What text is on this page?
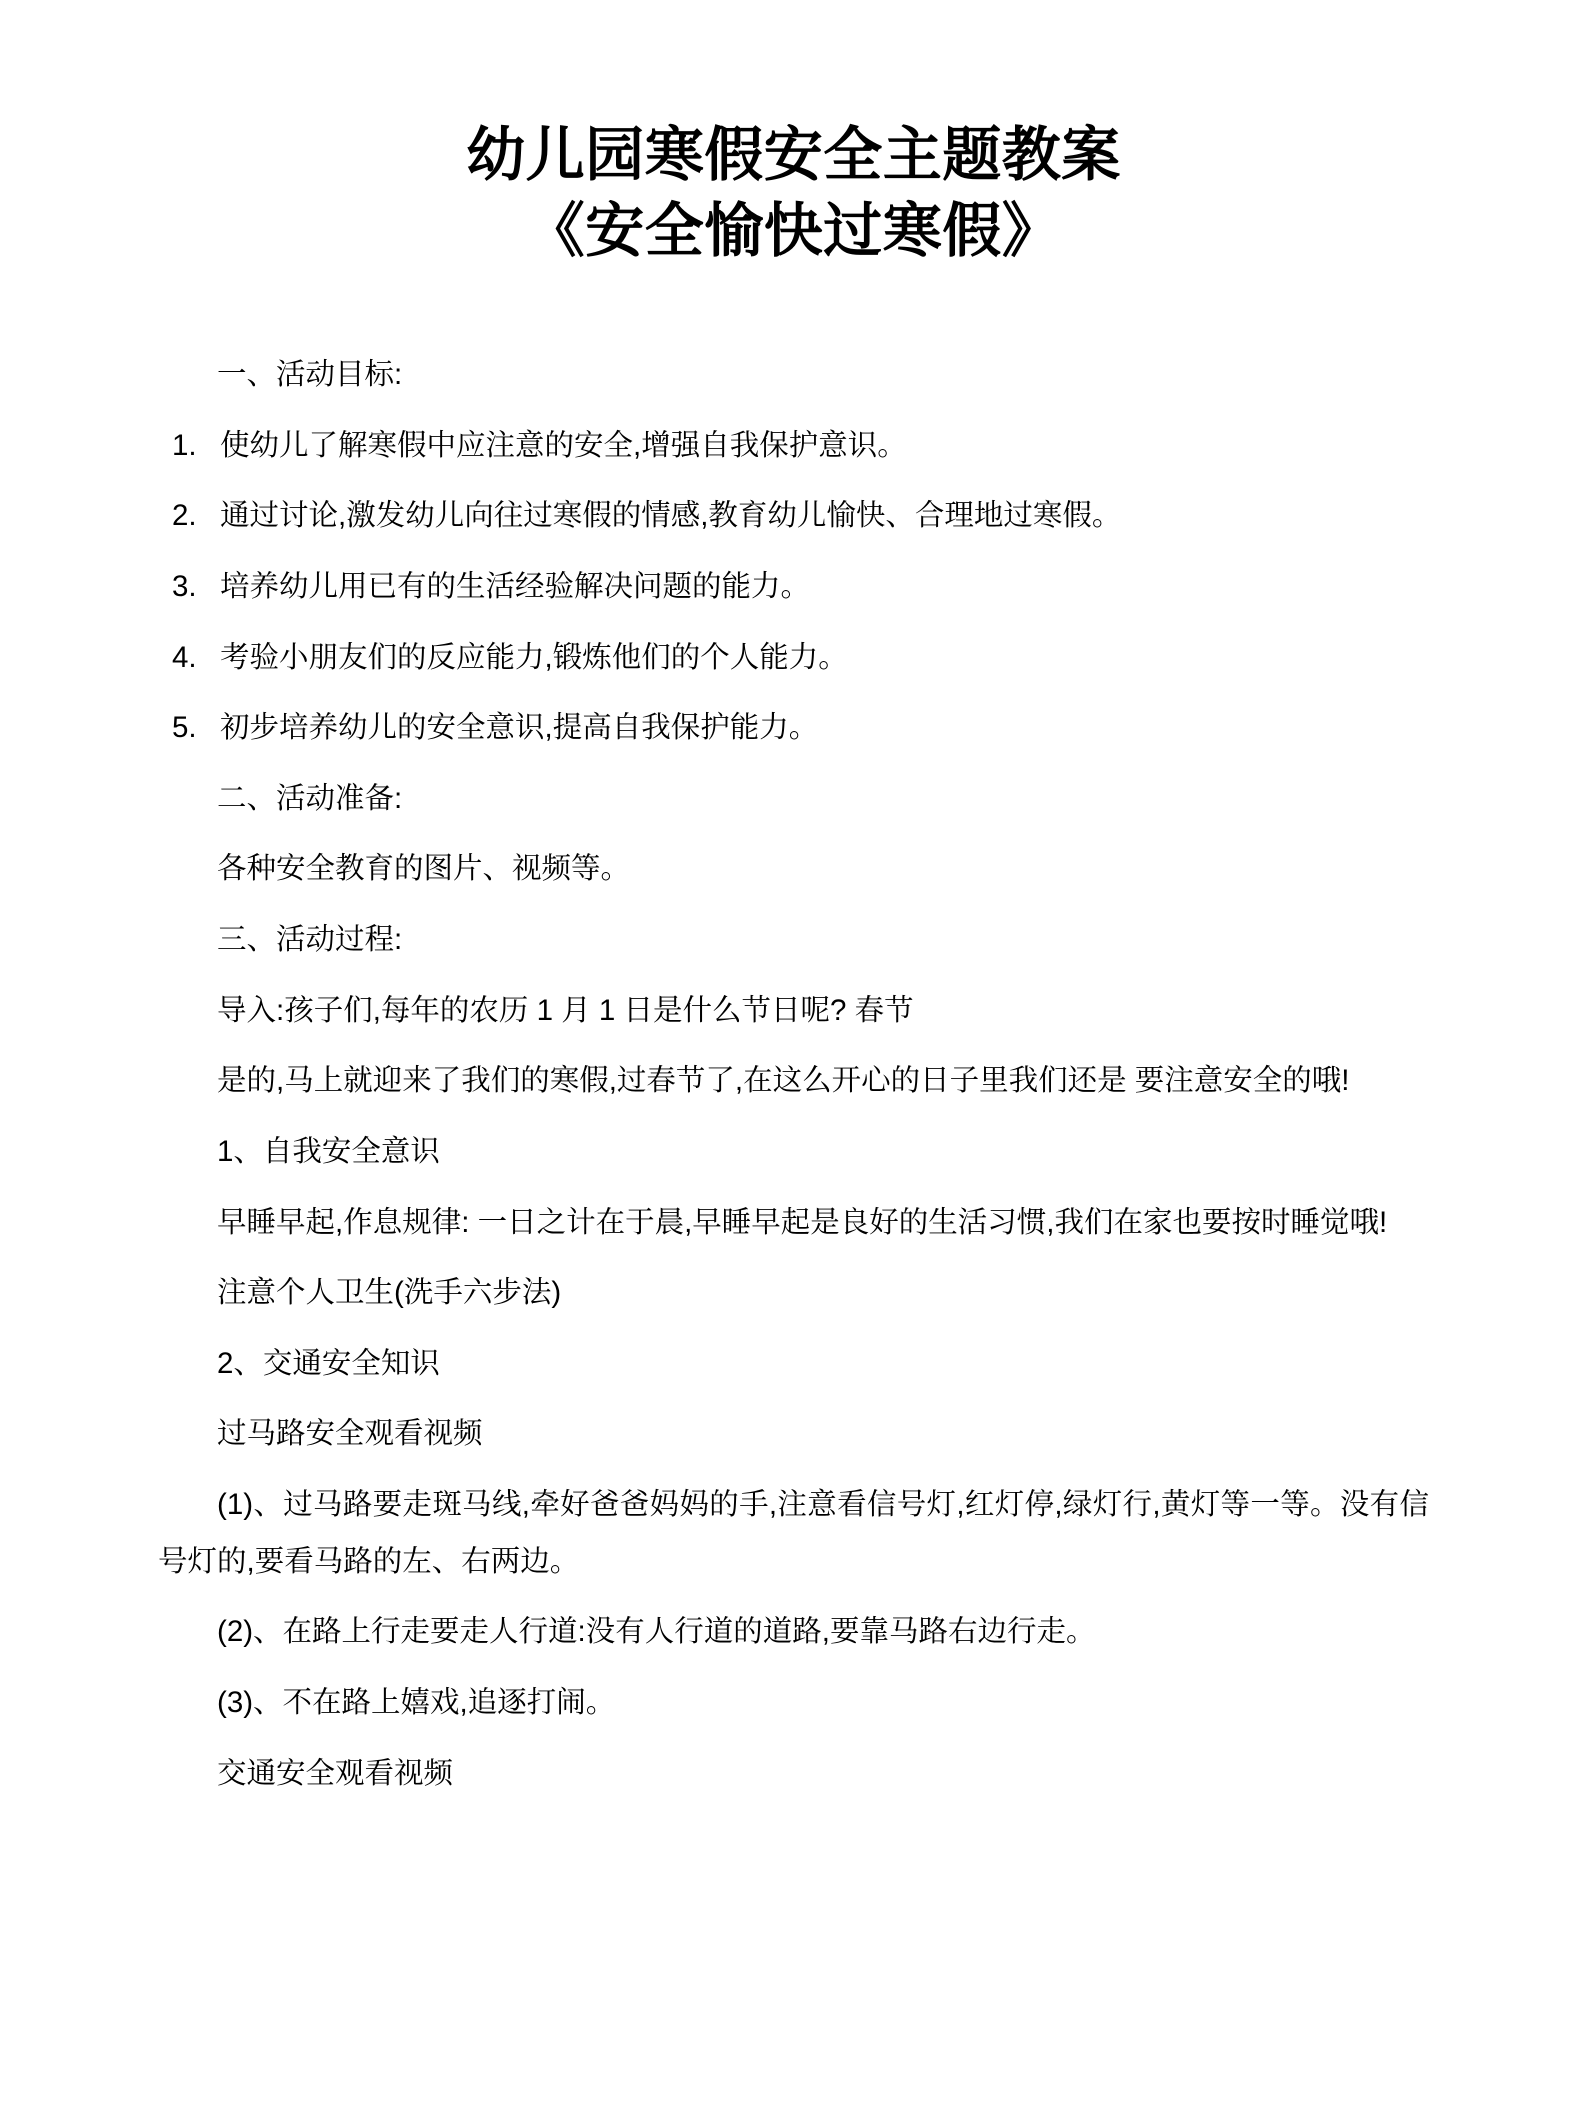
幼儿园寒假安全主题教案
《安全愉快过寒假》

一、活动目标:

1. 使幼儿了解寒假中应注意的安全,增强自我保护意识。
2. 通过讨论,激发幼儿向往过寒假的情感,教育幼儿愉快、合理地过寒假。
3. 培养幼儿用已有的生活经验解决问题的能力。
4. 考验小朋友们的反应能力,锻炼他们的个人能力。
5. 初步培养幼儿的安全意识,提高自我保护能力。

二、活动准备:

各种安全教育的图片、视频等。

三、活动过程:

导入:孩子们,每年的农历 1 月 1 日是什么节日呢? 春节

是的,马上就迎来了我们的寒假,过春节了,在这么开心的日子里我们还是 要注意安全的哦!

1、自我安全意识

早睡早起,作息规律: 一日之计在于晨,早睡早起是良好的生活习惯,我们在家也要按时睡觉哦!

注意个人卫生(洗手六步法)

2、交通安全知识

过马路安全观看视频

(1)、过马路要走斑马线,牵好爸爸妈妈的手,注意看信号灯,红灯停,绿灯行,黄灯等一等。没有信号灯的,要看马路的左、右两边。

(2)、在路上行走要走人行道:没有人行道的道路,要靠马路右边行走。

(3)、不在路上嬉戏,追逐打闹。

交通安全观看视频
